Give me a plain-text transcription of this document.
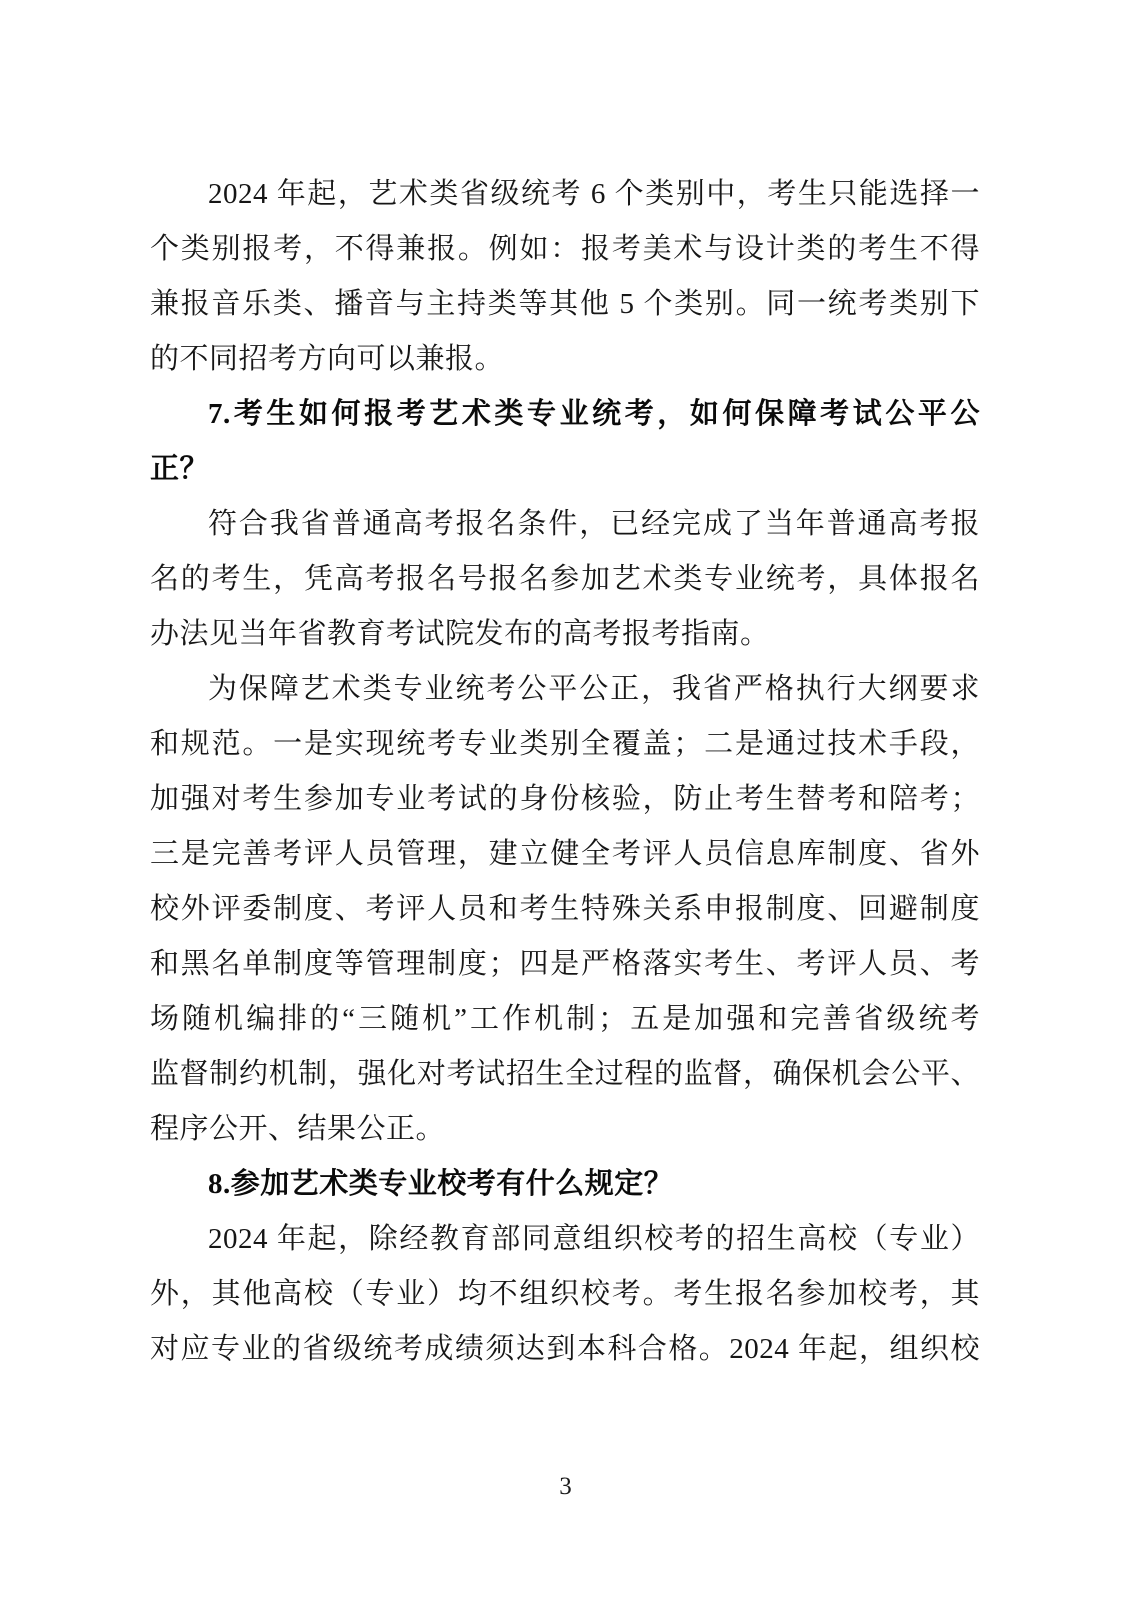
2024 年起，艺术类省级统考 6 个类别中，考生只能选择一
个类别报考，不得兼报。例如：报考美术与设计类的考生不得
兼报音乐类、播音与主持类等其他 5 个类别。同一统考类别下
的不同招考方向可以兼报。
7.考生如何报考艺术类专业统考，如何保障考试公平公
正？
符合我省普通高考报名条件，已经完成了当年普通高考报
名的考生，凭高考报名号报名参加艺术类专业统考，具体报名
办法见当年省教育考试院发布的高考报考指南。
为保障艺术类专业统考公平公正，我省严格执行大纲要求
和规范。一是实现统考专业类别全覆盖；二是通过技术手段，
加强对考生参加专业考试的身份核验，防止考生替考和陪考；
三是完善考评人员管理，建立健全考评人员信息库制度、省外
校外评委制度、考评人员和考生特殊关系申报制度、回避制度
和黑名单制度等管理制度；四是严格落实考生、考评人员、考
场随机编排的“三随机”工作机制；五是加强和完善省级统考
监督制约机制，强化对考试招生全过程的监督，确保机会公平、
程序公开、结果公正。
8.参加艺术类专业校考有什么规定？
2024 年起，除经教育部同意组织校考的招生高校（专业）
外，其他高校（专业）均不组织校考。考生报名参加校考，其
对应专业的省级统考成绩须达到本科合格。2024 年起，组织校
3
